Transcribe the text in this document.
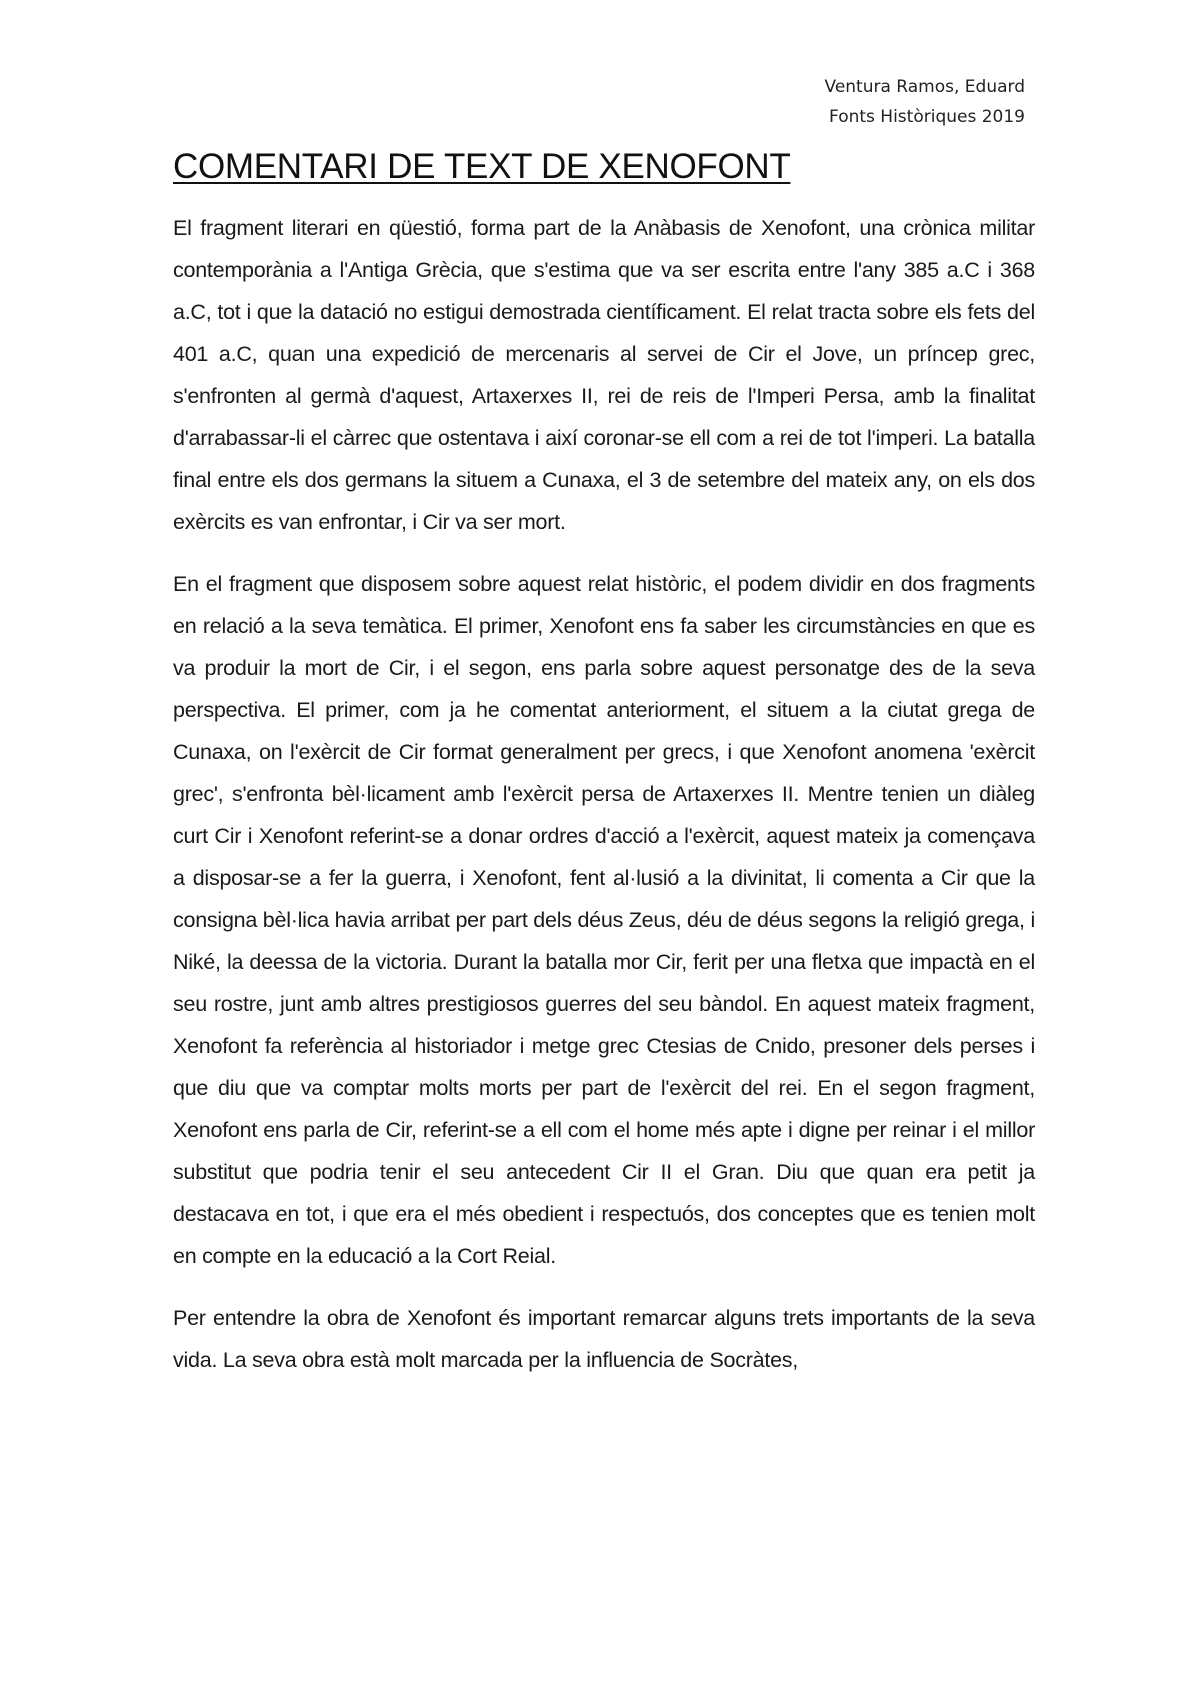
Ventura Ramos, Eduard
Fonts Històriques 2019
COMENTARI DE TEXT DE XENOFONT

El fragment literari en qüestió, forma part de la Anàbasis de Xenofont, una crònica militar contemporània a l'Antiga Grècia, que s'estima que va ser escrita entre l'any 385 a.C i 368 a.C, tot i que la datació no estigui demostrada científicament. El relat tracta sobre els fets del 401 a.C, quan una expedició de mercenaris al servei de Cir el Jove, un príncep grec, s'enfronten al germà d'aquest, Artaxerxes II, rei de reis de l'Imperi Persa, amb la finalitat d'arrabassar-li el càrrec que ostentava i així coronar-se ell com a rei de tot l'imperi. La batalla final entre els dos germans la situem a Cunaxa, el 3 de setembre del mateix any, on els dos exèrcits es van enfrontar, i Cir va ser mort.

En el fragment que disposem sobre aquest relat històric, el podem dividir en dos fragments en relació a la seva temàtica. El primer, Xenofont ens fa saber les circumstàncies en que es va produir la mort de Cir, i el segon, ens parla sobre aquest personatge des de la seva perspectiva. El primer, com ja he comentat anteriorment, el situem a la ciutat grega de Cunaxa, on l'exèrcit de Cir format generalment per grecs, i que Xenofont anomena 'exèrcit grec', s'enfronta bèl·licament amb l'exèrcit persa de Artaxerxes II. Mentre tenien un diàleg curt Cir i Xenofont referint-se a donar ordres d'acció a l'exèrcit, aquest mateix ja començava a disposar-se a fer la guerra, i Xenofont, fent al·lusió a la divinitat, li comenta a Cir que la consigna bèl·lica havia arribat per part dels déus Zeus, déu de déus segons la religió grega, i Niké, la deessa de la victoria. Durant la batalla mor Cir, ferit per una fletxa que impactà en el seu rostre, junt amb altres prestigiosos guerres del seu bàndol. En aquest mateix fragment, Xenofont fa referència al historiador i metge grec Ctesias de Cnido, presoner dels perses i que diu que va comptar molts morts per part de l'exèrcit del rei. En el segon fragment, Xenofont ens parla de Cir, referint-se a ell com el home més apte i digne per reinar i el millor substitut que podria tenir el seu antecedent Cir II el Gran. Diu que quan era petit ja destacava en tot, i que era el més obedient i respectuós, dos conceptes que es tenien molt en compte en la educació a la Cort Reial.

Per entendre la obra de Xenofont és important remarcar alguns trets importants de la seva vida. La seva obra està molt marcada per la influencia de Socràtes,
